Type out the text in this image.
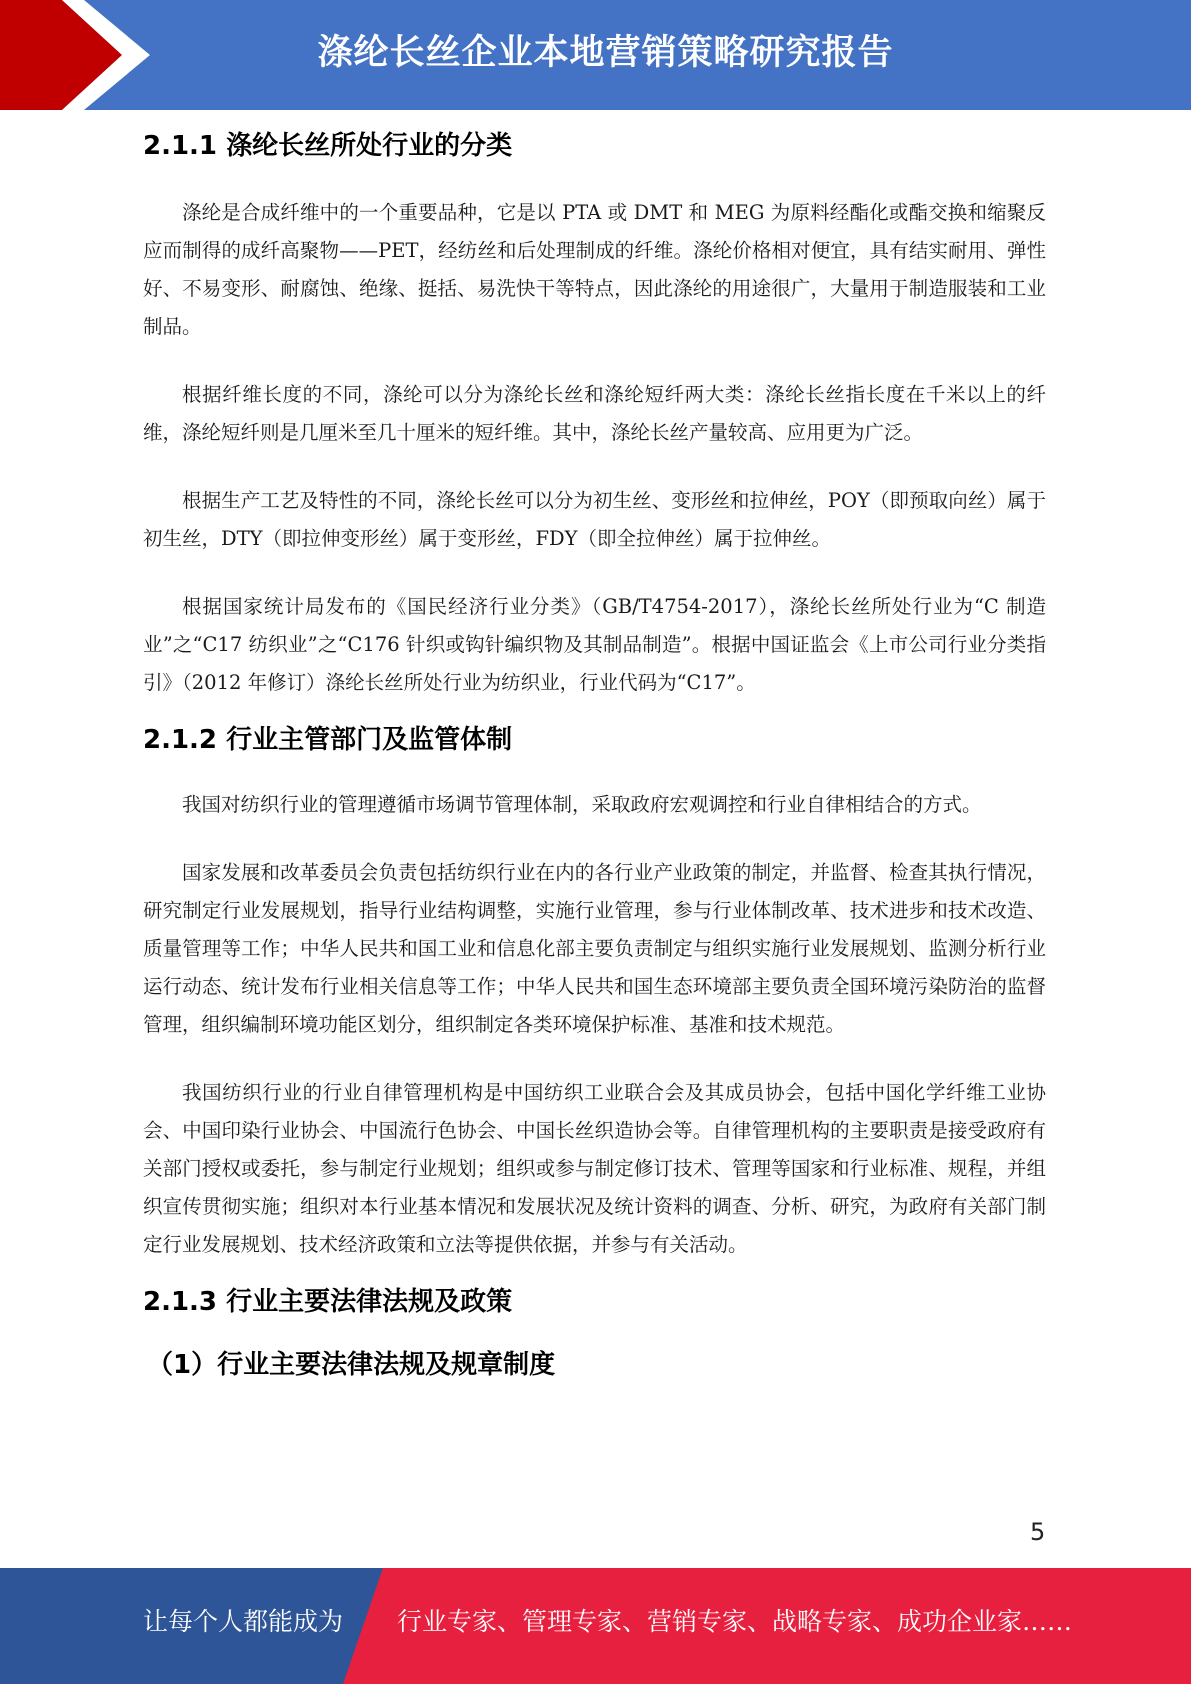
涤纶长丝企业本地营销策略研究报告
2.1.1 涤纶长丝所处行业的分类

涤纶是合成纤维中的一个重要品种，它是以 PTA 或 DMT 和 MEG 为原料经酯化或酯交换和缩聚反应而制得的成纤高聚物——PET，经纺丝和后处理制成的纤维。涤纶价格相对便宜，具有结实耐用、弹性好、不易变形、耐腐蚀、绝缘、挺括、易洗快干等特点，因此涤纶的用途很广，大量用于制造服装和工业制品。

根据纤维长度的不同，涤纶可以分为涤纶长丝和涤纶短纤两大类：涤纶长丝指长度在千米以上的纤维，涤纶短纤则是几厘米至几十厘米的短纤维。其中，涤纶长丝产量较高、应用更为广泛。

根据生产工艺及特性的不同，涤纶长丝可以分为初生丝、变形丝和拉伸丝，POY（即预取向丝）属于初生丝，DTY（即拉伸变形丝）属于变形丝，FDY（即全拉伸丝）属于拉伸丝。

根据国家统计局发布的《国民经济行业分类》（GB/T4754-2017），涤纶长丝所处行业为“C 制造业”之“C17 纺织业”之“C176 针织或钩针编织物及其制品制造”。根据中国证监会《上市公司行业分类指引》（2012 年修订）涤纶长丝所处行业为纺织业，行业代码为“C17”。

2.1.2 行业主管部门及监管体制

我国对纺织行业的管理遵循市场调节管理体制，采取政府宏观调控和行业自律相结合的方式。

国家发展和改革委员会负责包括纺织行业在内的各行业产业政策的制定，并监督、检查其执行情况，研究制定行业发展规划，指导行业结构调整，实施行业管理，参与行业体制改革、技术进步和技术改造、质量管理等工作；中华人民共和国工业和信息化部主要负责制定与组织实施行业发展规划、监测分析行业运行动态、统计发布行业相关信息等工作；中华人民共和国生态环境部主要负责全国环境污染防治的监督管理，组织编制环境功能区划分，组织制定各类环境保护标准、基准和技术规范。

我国纺织行业的行业自律管理机构是中国纺织工业联合会及其成员协会，包括中国化学纤维工业协会、中国印染行业协会、中国流行色协会、中国长丝织造协会等。自律管理机构的主要职责是接受政府有关部门授权或委托，参与制定行业规划；组织或参与制定修订技术、管理等国家和行业标准、规程，并组织宣传贯彻实施；组织对本行业基本情况和发展状况及统计资料的调查、分析、研究，为政府有关部门制定行业发展规划、技术经济政策和立法等提供依据，并参与有关活动。

2.1.3 行业主要法律法规及政策
（1）行业主要法律法规及规章制度
5
让每个人都能成为 行业专家、管理专家、营销专家、战略专家、成功企业家……
